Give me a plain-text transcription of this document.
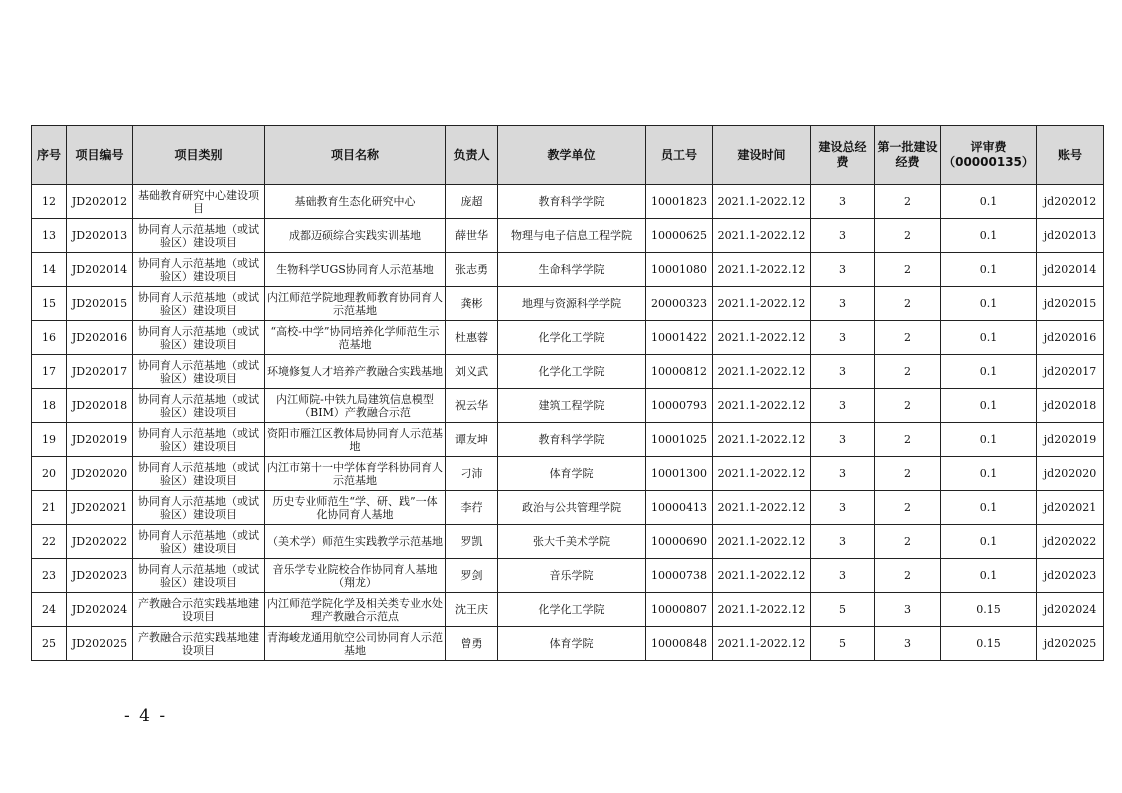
序号	项目编号	项目类别	项目名称	负责人	教学单位	员工号	建设时间	建设总经费	第一批建设经费	评审费（00000135）	账号
12	JD202012	基础教育研究中心建设项目	基础教育生态化研究中心	庞超	教育科学学院	10001823	2021.1-2022.12	3	2	0.1	jd202012
13	JD202013	协同育人示范基地（或试验区）建设项目	成都迈硕综合实践实训基地	薛世华	物理与电子信息工程学院	10000625	2021.1-2022.12	3	2	0.1	jd202013
14	JD202014	协同育人示范基地（或试验区）建设项目	生物科学UGS协同育人示范基地	张志勇	生命科学学院	10001080	2021.1-2022.12	3	2	0.1	jd202014
15	JD202015	协同育人示范基地（或试验区）建设项目	内江师范学院地理教师教育协同育人示范基地	龚彬	地理与资源科学学院	20000323	2021.1-2022.12	3	2	0.1	jd202015
16	JD202016	协同育人示范基地（或试验区）建设项目	“高校-中学”协同培养化学师范生示范基地	杜惠蓉	化学化工学院	10001422	2021.1-2022.12	3	2	0.1	jd202016
17	JD202017	协同育人示范基地（或试验区）建设项目	环境修复人才培养产教融合实践基地	刘义武	化学化工学院	10000812	2021.1-2022.12	3	2	0.1	jd202017
18	JD202018	协同育人示范基地（或试验区）建设项目	内江师院-中铁九局建筑信息模型（BIM）产教融合示范	祝云华	建筑工程学院	10000793	2021.1-2022.12	3	2	0.1	jd202018
19	JD202019	协同育人示范基地（或试验区）建设项目	资阳市雁江区教体局协同育人示范基地	谭友坤	教育科学学院	10001025	2021.1-2022.12	3	2	0.1	jd202019
20	JD202020	协同育人示范基地（或试验区）建设项目	内江市第十一中学体育学科协同育人示范基地	刁沛	体育学院	10001300	2021.1-2022.12	3	2	0.1	jd202020
21	JD202021	协同育人示范基地（或试验区）建设项目	历史专业师范生“学、研、践”一体化协同育人基地	李荇	政治与公共管理学院	10000413	2021.1-2022.12	3	2	0.1	jd202021
22	JD202022	协同育人示范基地（或试验区）建设项目	（美术学）师范生实践教学示范基地	罗凯	张大千美术学院	10000690	2021.1-2022.12	3	2	0.1	jd202022
23	JD202023	协同育人示范基地（或试验区）建设项目	音乐学专业院校合作协同育人基地（翔龙）	罗剑	音乐学院	10000738	2021.1-2022.12	3	2	0.1	jd202023
24	JD202024	产教融合示范实践基地建设项目	内江师范学院化学及相关类专业水处理产教融合示范点	沈王庆	化学化工学院	10000807	2021.1-2022.12	5	3	0.15	jd202024
25	JD202025	产教融合示范实践基地建设项目	青海峻龙通用航空公司协同育人示范基地	曾勇	体育学院	10000848	2021.1-2022.12	5	3	0.15	jd202025
- 4 -
